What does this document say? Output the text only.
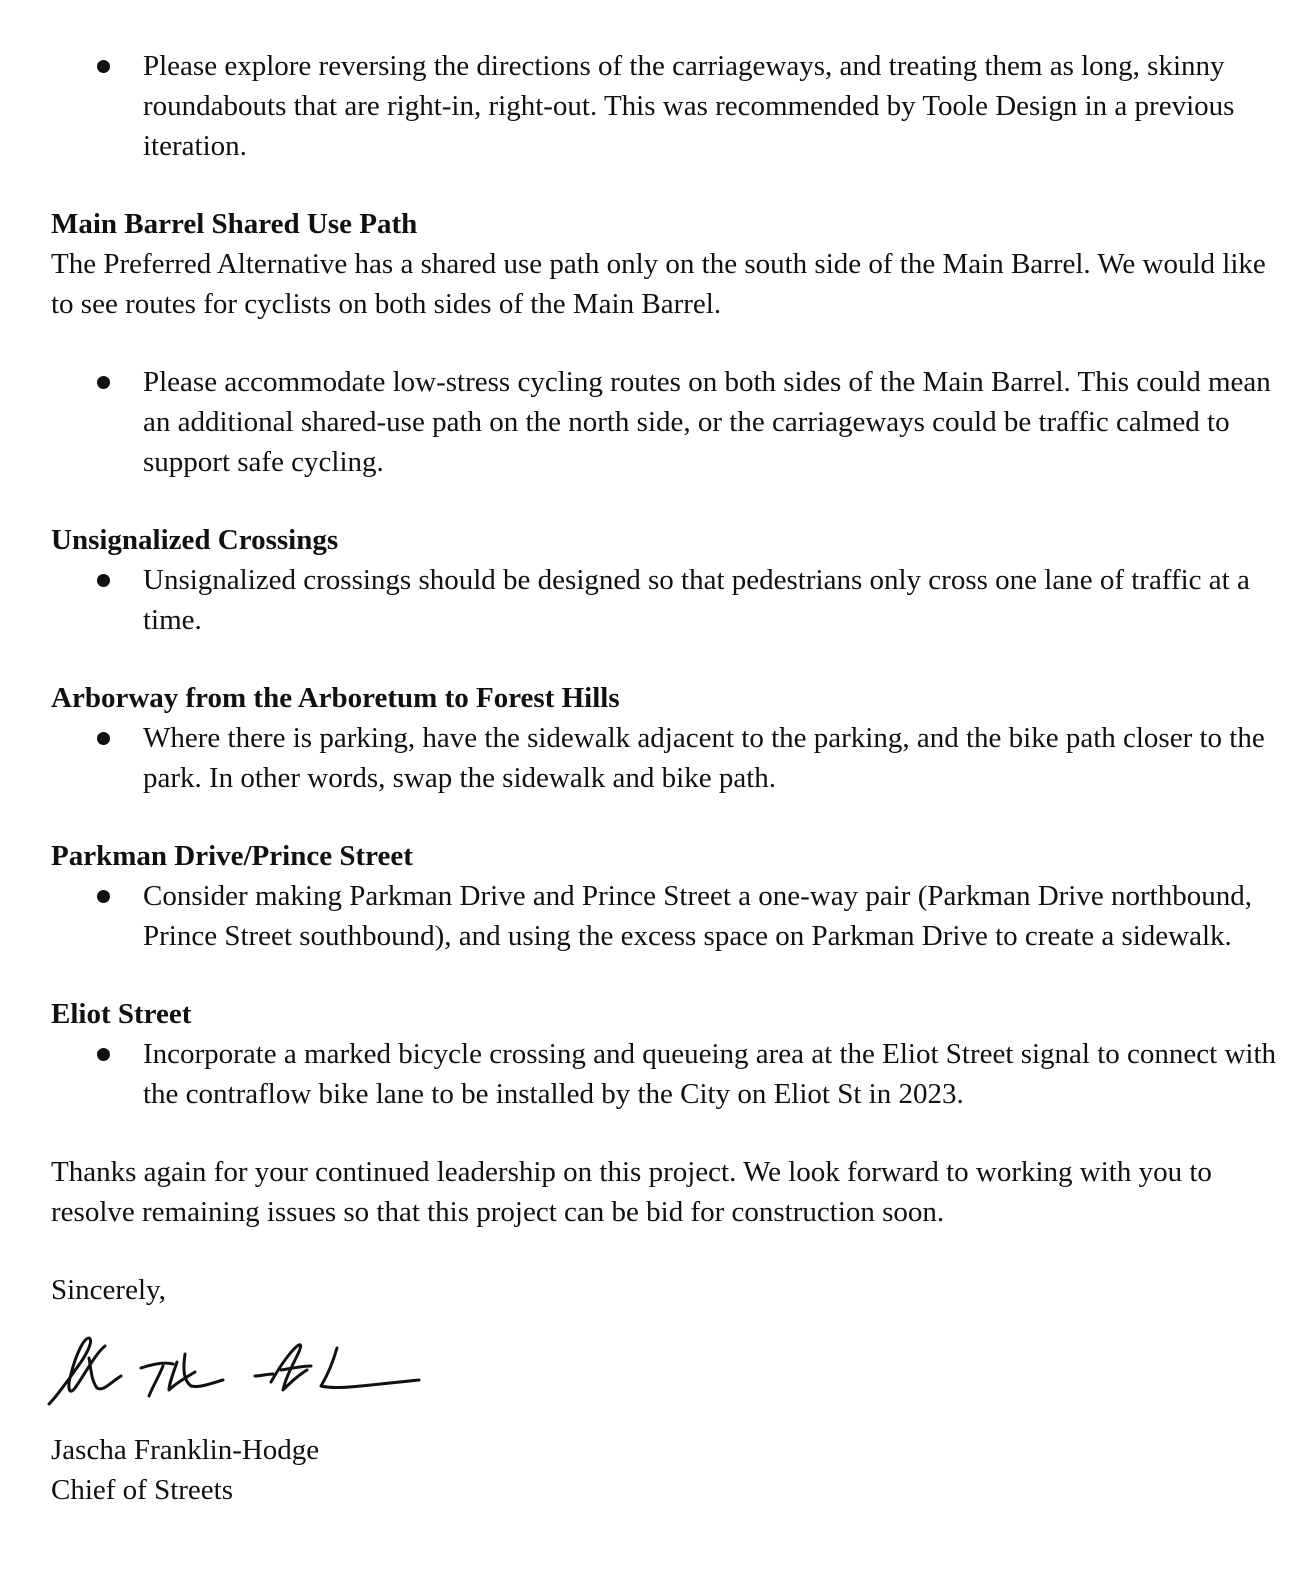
Please explore reversing the directions of the carriageways, and treating them as long, skinny roundabouts that are right-in, right-out. This was recommended by Toole Design in a previous iteration.

Main Barrel Shared Use Path

The Preferred Alternative has a shared use path only on the south side of the Main Barrel. We would like to see routes for cyclists on both sides of the Main Barrel.

Please accommodate low-stress cycling routes on both sides of the Main Barrel. This could mean an additional shared-use path on the north side, or the carriageways could be traffic calmed to support safe cycling.

Unsignalized Crossings

Unsignalized crossings should be designed so that pedestrians only cross one lane of traffic at a time.

Arborway from the Arboretum to Forest Hills

Where there is parking, have the sidewalk adjacent to the parking, and the bike path closer to the park. In other words, swap the sidewalk and bike path.

Parkman Drive/Prince Street

Consider making Parkman Drive and Prince Street a one-way pair (Parkman Drive northbound, Prince Street southbound), and using the excess space on Parkman Drive to create a sidewalk.

Eliot Street

Incorporate a marked bicycle crossing and queueing area at the Eliot Street signal to connect with the contraflow bike lane to be installed by the City on Eliot St in 2023.

Thanks again for your continued leadership on this project. We look forward to working with you to resolve remaining issues so that this project can be bid for construction soon.

Sincerely,

Jascha Franklin-Hodge

Chief of Streets
